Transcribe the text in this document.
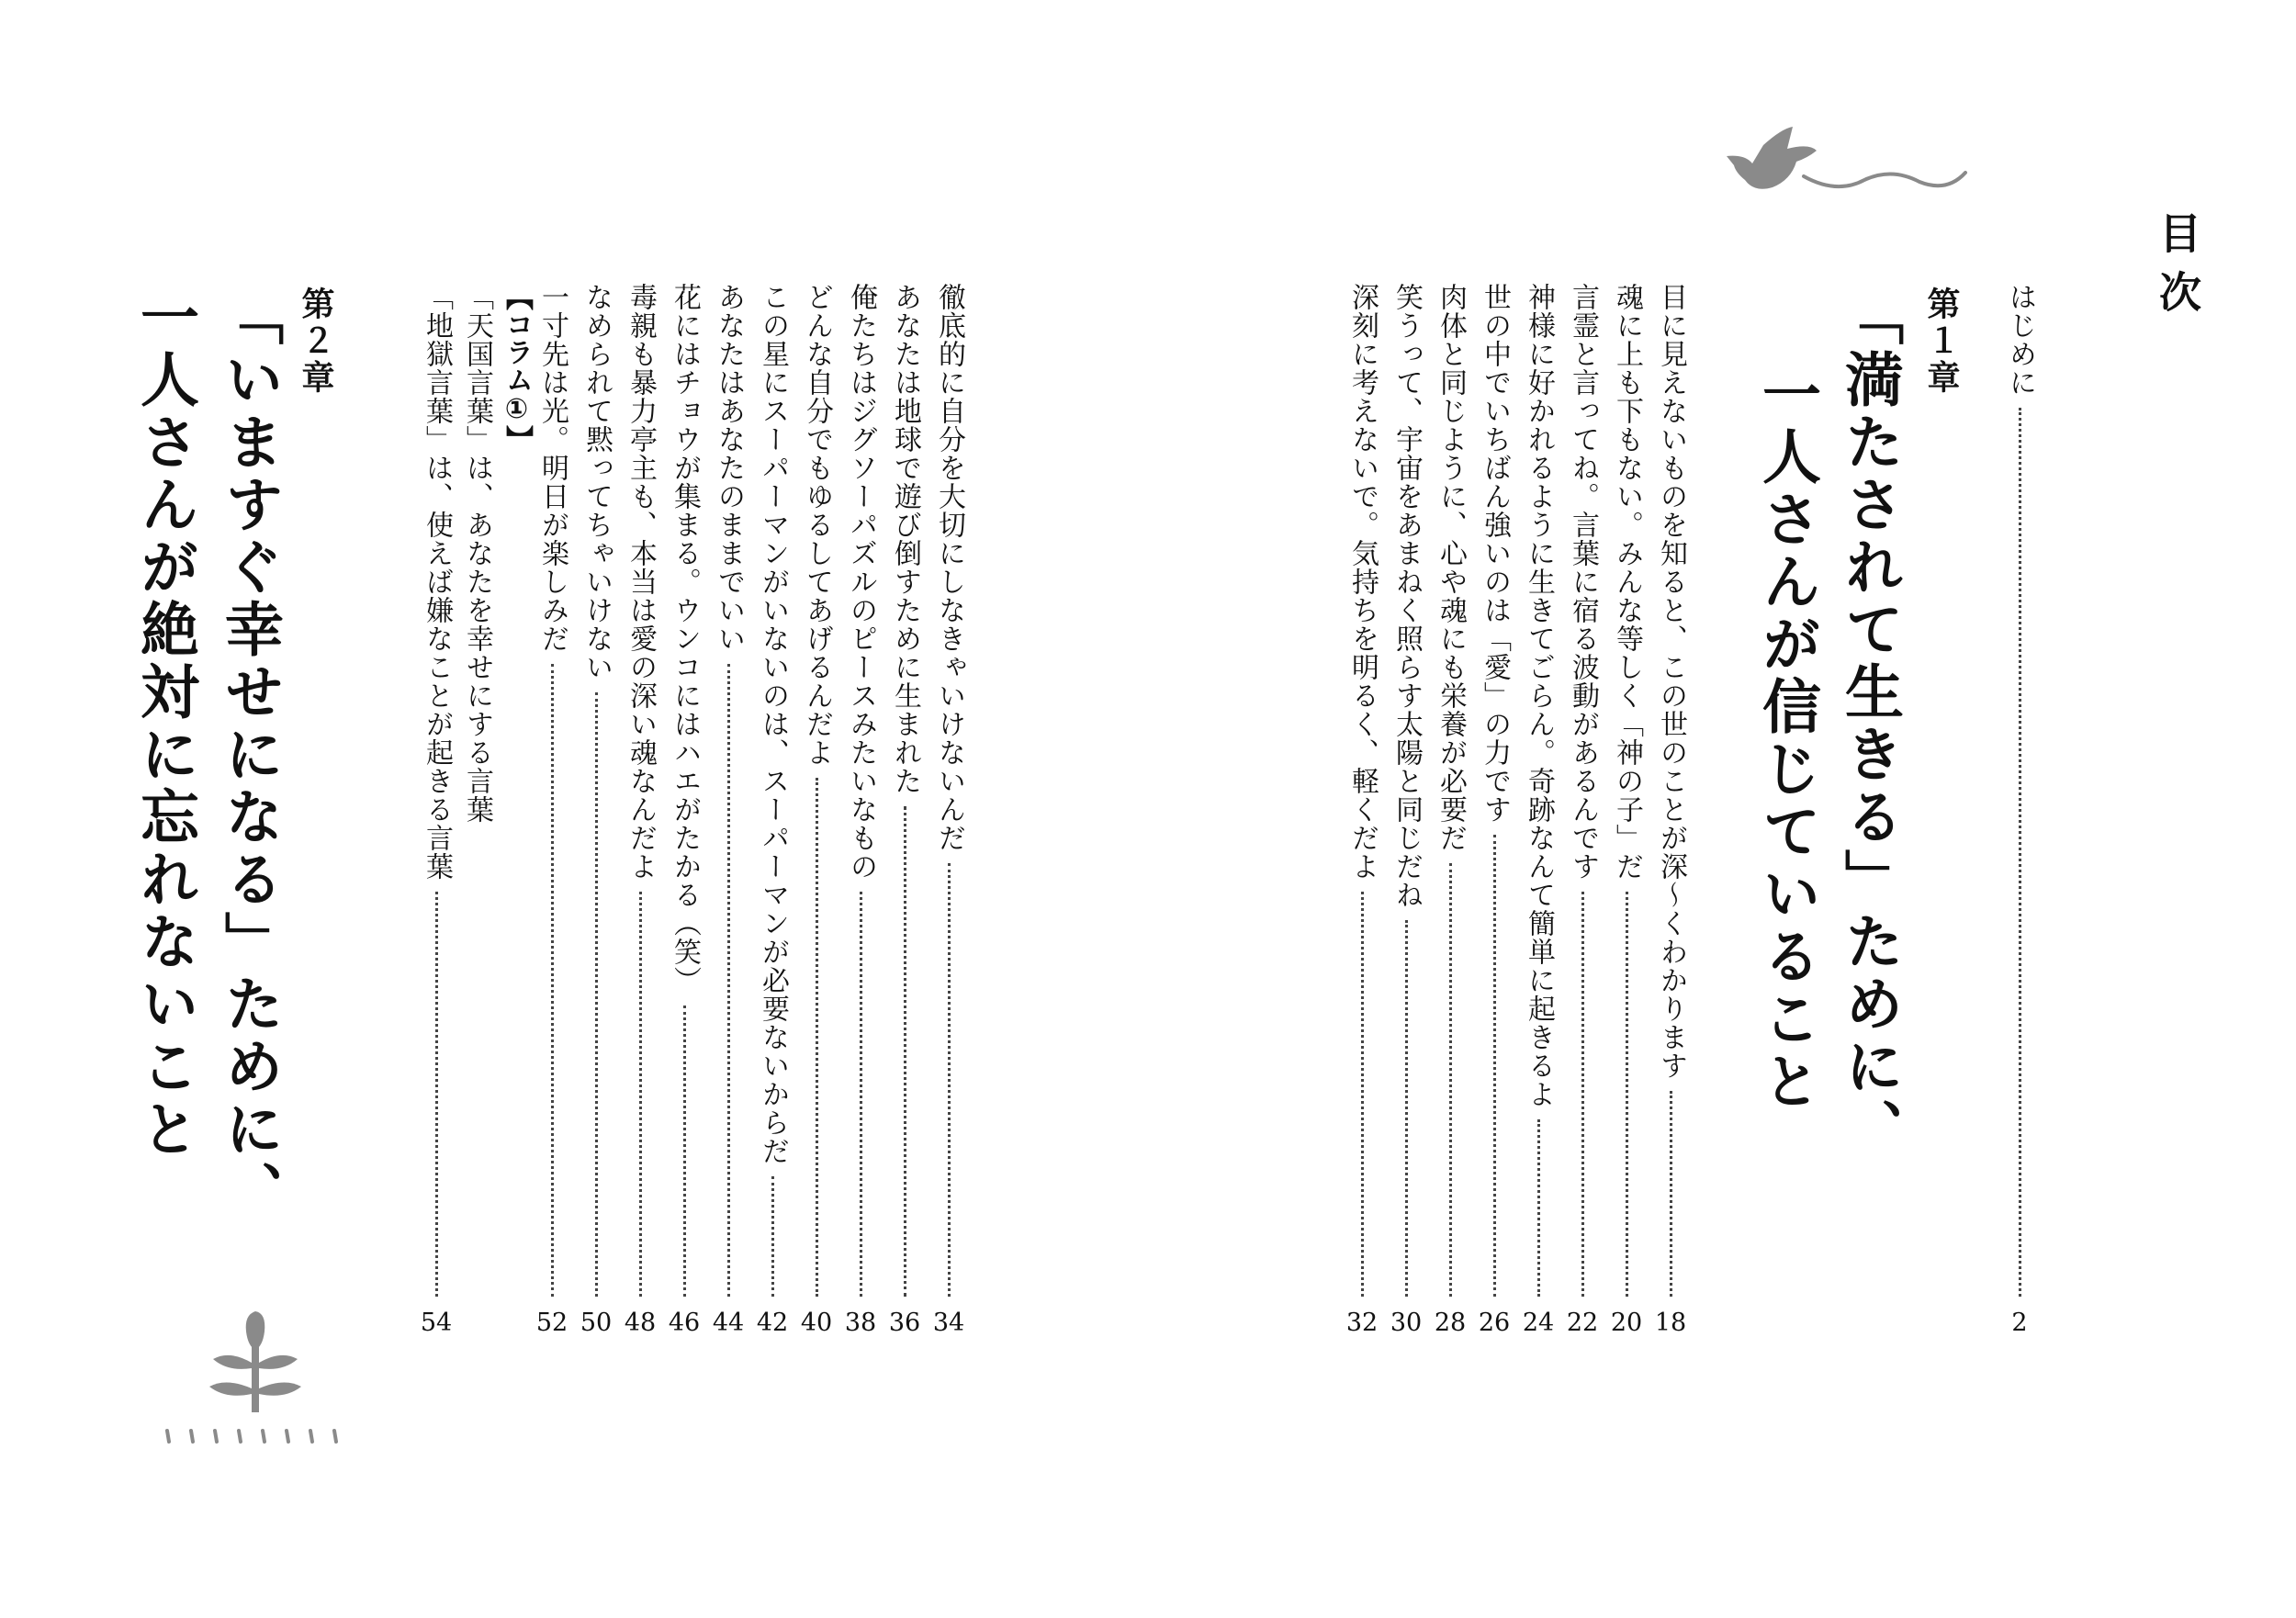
目次
はじめに
2
第１章
「満たされて生きる」ために、
一人さんが信じていること
目に見えないものを知ると、この世のことが深～くわかります
18
魂に上も下もない。みんな等しく「神の子」だ
20
言霊と言ってね。言葉に宿る波動があるんです
22
神様に好かれるように生きてごらん。奇跡なんて簡単に起きるよ
24
世の中でいちばん強いのは「愛」の力です
26
肉体と同じように、心や魂にも栄養が必要だ
28
笑うって、宇宙をあまねく照らす太陽と同じだね
30
深刻に考えないで。気持ちを明るく、軽くだよ
32
徹底的に自分を大切にしなきゃいけないんだ
34
あなたは地球で遊び倒すために生まれた
36
俺たちはジグソーパズルのピースみたいなもの
38
どんな自分でもゆるしてあげるんだよ
40
この星にスーパーマンがいないのは、スーパーマンが必要ないからだ
42
あなたはあなたのままでいい
44
花にはチョウが集まる。ウンコにはハエがたかる（笑）
46
毒親も暴力亭主も、本当は愛の深い魂なんだよ
48
なめられて黙ってちゃいけない
50
一寸先は光。明日が楽しみだ
52
【コラム①】
「天国言葉」は、あなたを幸せにする言葉
「地獄言葉」は、使えば嫌なことが起きる言葉
54
第２章
「いますぐ幸せになる」ために、
一人さんが絶対に忘れないこと
